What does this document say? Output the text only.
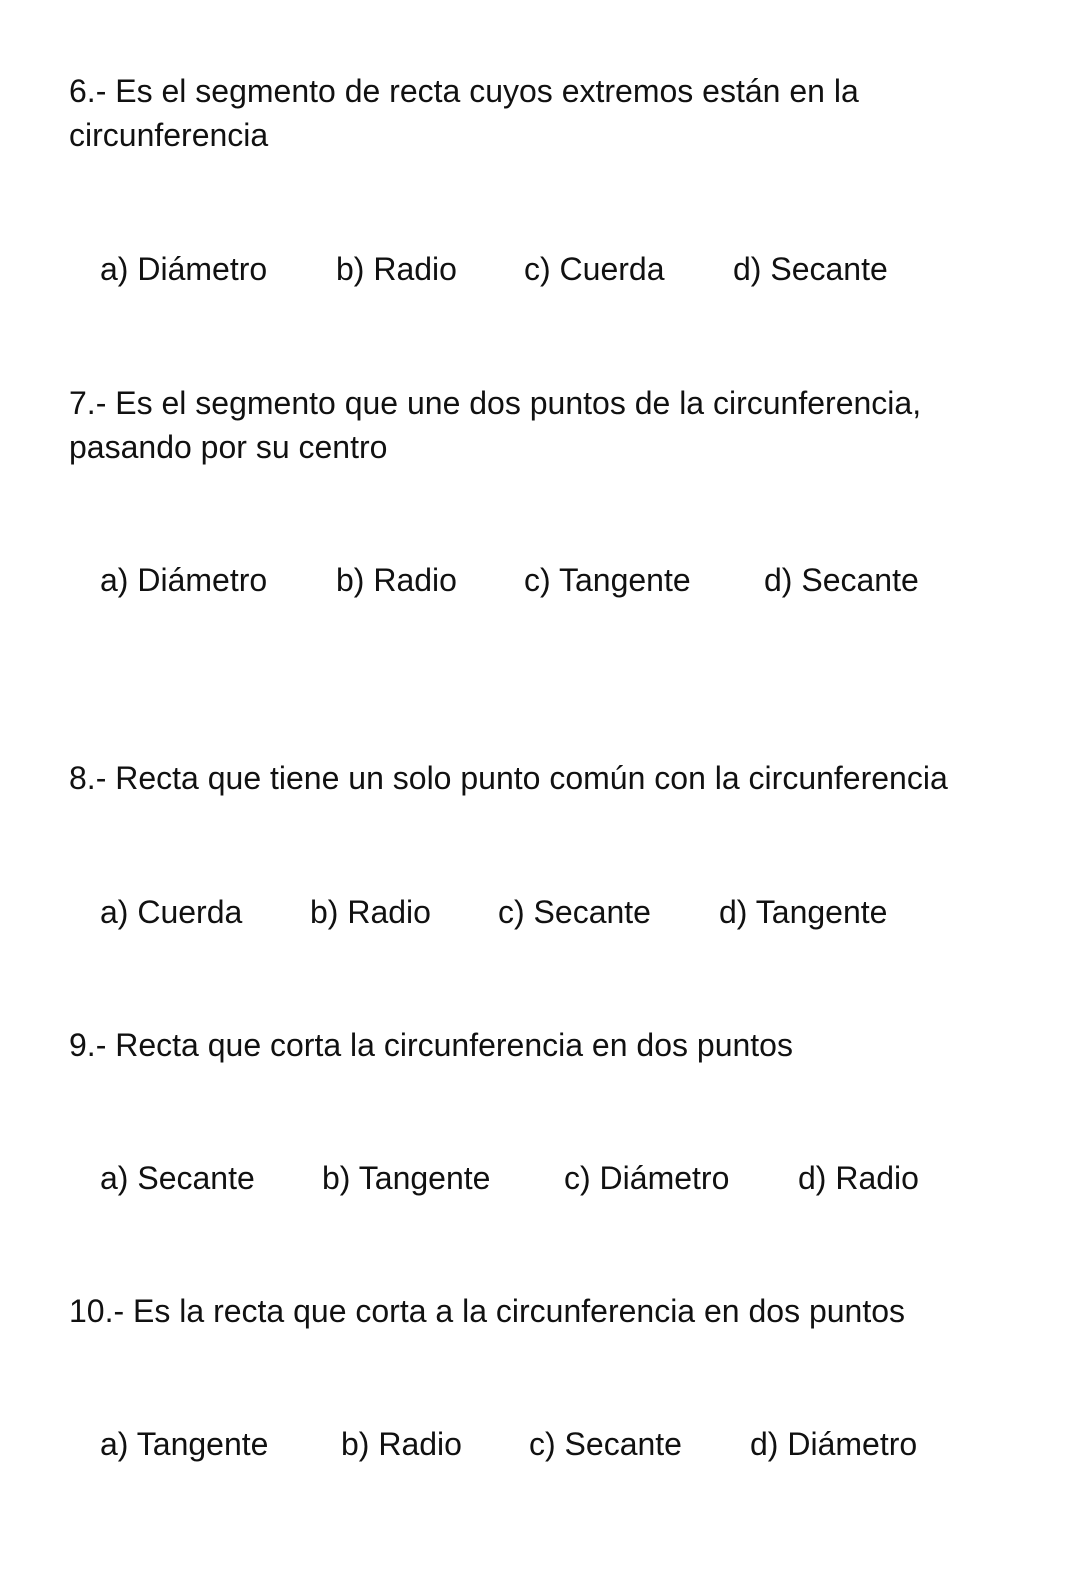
6.- Es el segmento de recta cuyos extremos están en la circunferencia

a) Diámetro b) Radio c) Cuerda d) Secante

7.- Es el segmento que une dos puntos de la circunferencia, pasando por su centro

a) Diámetro b) Radio c) Tangente d) Secante

8.- Recta que tiene un solo punto común con la circunferencia

a) Cuerda b) Radio c) Secante d) Tangente

9.- Recta que corta la circunferencia en dos puntos

a) Secante b) Tangente c) Diámetro d) Radio

10.- Es la recta que corta a la circunferencia en dos puntos

a) Tangente b) Radio c) Secante d) Diámetro
